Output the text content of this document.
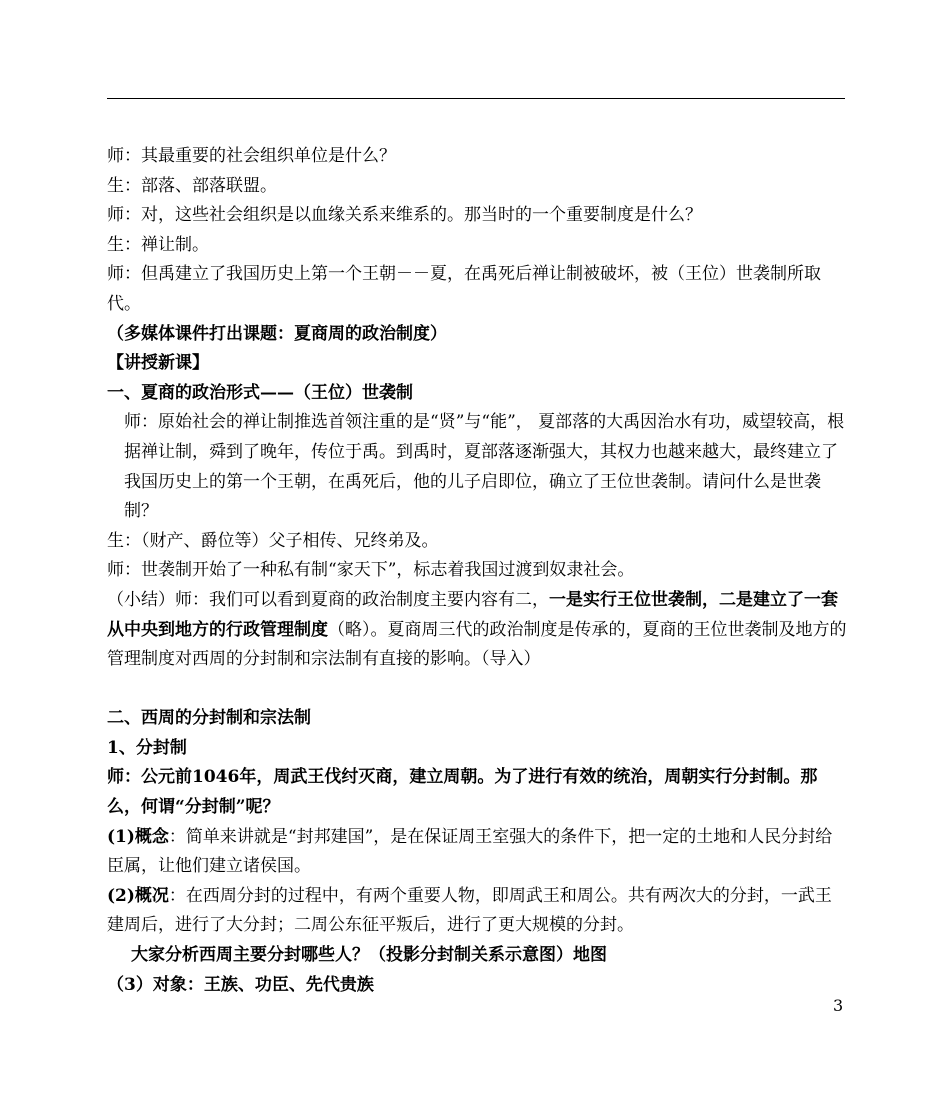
师：其最重要的社会组织单位是什么？

生：部落、部落联盟。

师：对，这些社会组织是以血缘关系来维系的。那当时的一个重要制度是什么？

生：禅让制。

师：但禹建立了我国历史上第一个王朝－－夏，在禹死后禅让制被破坏，被（王位）世袭制所取代。

（多媒体课件打出课题：夏商周的政治制度）

【讲授新课】

一、夏商的政治形式——（王位）世袭制

师：原始社会的禅让制推选首领注重的是“贤”与“能”， 夏部落的大禹因治水有功，威望较高，根据禅让制，舜到了晚年，传位于禹。到禹时，夏部落逐渐强大，其权力也越来越大，最终建立了我国历史上的第一个王朝，在禹死后，他的儿子启即位，确立了王位世袭制。请问什么是世袭制？

生：（财产、爵位等）父子相传、兄终弟及。

师：世袭制开始了一种私有制“家天下”，标志着我国过渡到奴隶社会。

（小结）师：我们可以看到夏商的政治制度主要内容有二，一是实行王位世袭制，二是建立了一套从中央到地方的行政管理制度（略）。夏商周三代的政治制度是传承的，夏商的王位世袭制及地方的管理制度对西周的分封制和宗法制有直接的影响。（导入）

二、西周的分封制和宗法制

1、分封制

师：公元前1046年，周武王伐纣灭商，建立周朝。为了进行有效的统治，周朝实行分封制。那么，何谓“分封制”呢？

(1)概念：简单来讲就是“封邦建国”，是在保证周王室强大的条件下，把一定的土地和人民分封给臣属，让他们建立诸侯国。

(2)概况：在西周分封的过程中，有两个重要人物，即周武王和周公。共有两次大的分封，一武王建周后，进行了大分封；二周公东征平叛后，进行了更大规模的分封。

大家分析西周主要分封哪些人？（投影分封制关系示意图）地图

（3）对象：王族、功臣、先代贵族

3
